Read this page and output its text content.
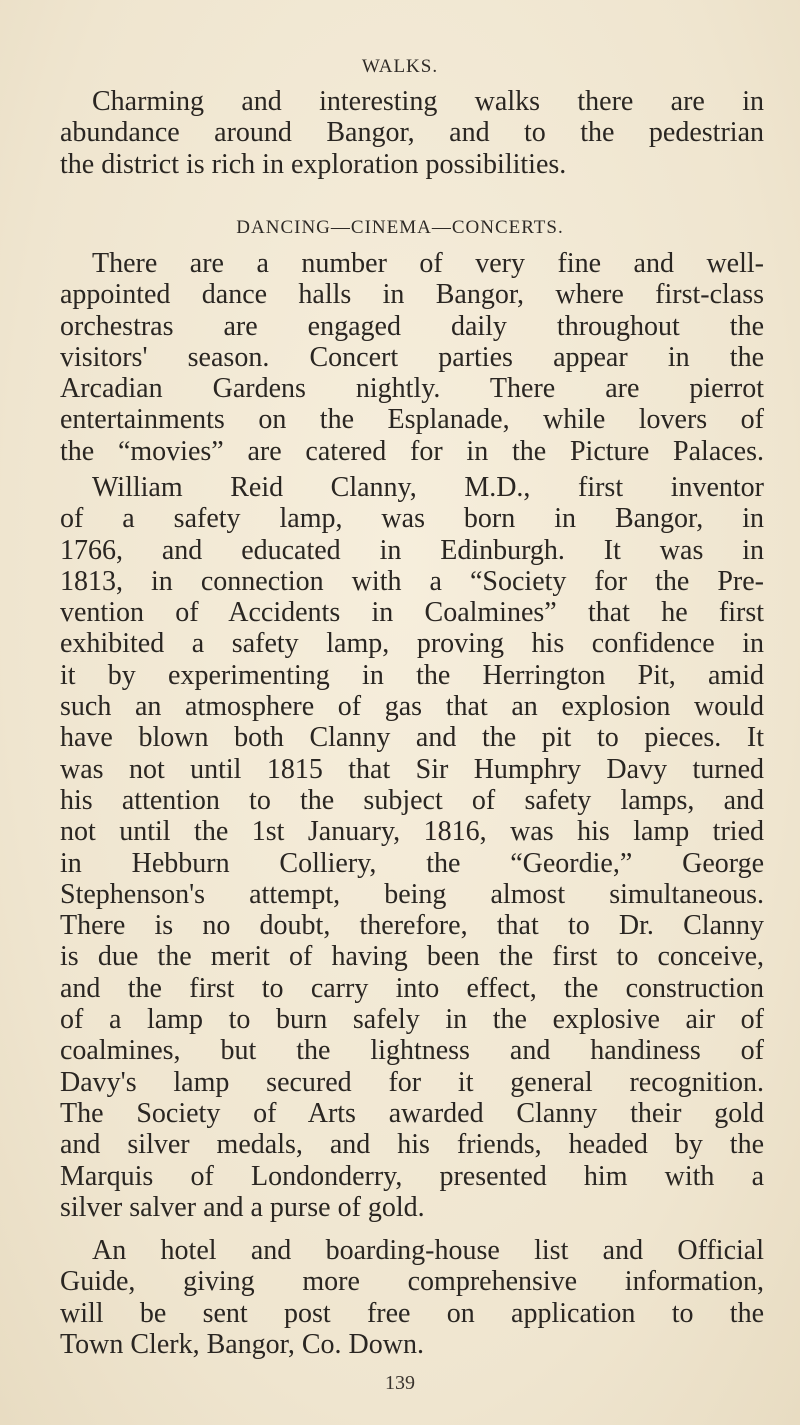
WALKS.
Charming and interesting walks there are in
abundance around Bangor, and to the pedestrian
the district is rich in exploration possibilities.
DANCING—CINEMA—CONCERTS.
There are a number of very fine and well-
appointed dance halls in Bangor, where first-class
orchestras are engaged daily throughout the
visitors' season. Concert parties appear in the
Arcadian Gardens nightly. There are pierrot
entertainments on the Esplanade, while lovers of
the “movies” are catered for in the Picture Palaces.
William Reid Clanny, M.D., first inventor
of a safety lamp, was born in Bangor, in
1766, and educated in Edinburgh. It was in
1813, in connection with a “Society for the Pre-
vention of Accidents in Coalmines” that he first
exhibited a safety lamp, proving his confidence in
it by experimenting in the Herrington Pit, amid
such an atmosphere of gas that an explosion would
have blown both Clanny and the pit to pieces. It
was not until 1815 that Sir Humphry Davy turned
his attention to the subject of safety lamps, and
not until the 1st January, 1816, was his lamp tried
in Hebburn Colliery, the “Geordie,” George
Stephenson's attempt, being almost simultaneous.
There is no doubt, therefore, that to Dr. Clanny
is due the merit of having been the first to conceive,
and the first to carry into effect, the construction
of a lamp to burn safely in the explosive air of
coalmines, but the lightness and handiness of
Davy's lamp secured for it general recognition.
The Society of Arts awarded Clanny their gold
and silver medals, and his friends, headed by the
Marquis of Londonderry, presented him with a
silver salver and a purse of gold.
An hotel and boarding-house list and Official
Guide, giving more comprehensive information,
will be sent post free on application to the
Town Clerk, Bangor, Co. Down.
139
